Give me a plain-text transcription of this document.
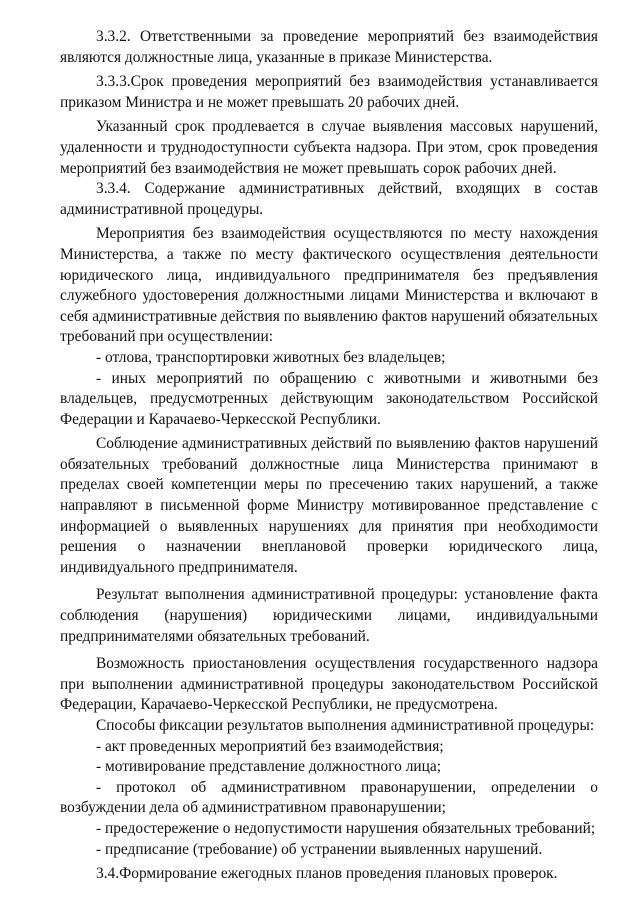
3.3.2. Ответственными за проведение мероприятий без взаимодействия являются должностные лица, указанные в приказе Министерства.

3.3.3.Срок проведения мероприятий без взаимодействия устанавливается приказом Министра и не может превышать 20 рабочих дней.

Указанный срок продлевается в случае выявления массовых нарушений, удаленности и труднодоступности субъекта надзора. При этом, срок проведения мероприятий без взаимодействия не может превышать сорок рабочих дней.

3.3.4. Содержание административных действий, входящих в состав административной процедуры.

Мероприятия без взаимодействия осуществляются по месту нахождения Министерства, а также по месту фактического осуществления деятельности юридического лица, индивидуального предпринимателя без предъявления служебного удостоверения должностными лицами Министерства и включают в себя административные действия по выявлению фактов нарушений обязательных требований при осуществлении:

- отлова, транспортировки животных без владельцев;

- иных мероприятий по обращению с животными и животными без владельцев, предусмотренных действующим законодательством Российской Федерации и Карачаево-Черкесской Республики.

Соблюдение административных действий по выявлению фактов нарушений обязательных требований должностные лица Министерства принимают в пределах своей компетенции меры по пресечению таких нарушений, а также направляют в письменной форме Министру мотивированное представление с информацией о выявленных нарушениях для принятия при необходимости решения о назначении внеплановой проверки юридического лица, индивидуального предпринимателя.

Результат выполнения административной процедуры: установление факта соблюдения (нарушения) юридическими лицами, индивидуальными предпринимателями обязательных требований.

Возможность приостановления осуществления государственного надзора при выполнении административной процедуры законодательством Российской Федерации, Карачаево-Черкесской Республики, не предусмотрена.

Способы фиксации результатов выполнения административной процедуры:

- акт проведенных мероприятий без взаимодействия;

- мотивирование представление должностного лица;

- протокол об административном правонарушении, определении о возбуждении дела об административном правонарушении;

- предостережение о недопустимости нарушения обязательных требований;

- предписание (требование) об устранении выявленных нарушений.

3.4.Формирование ежегодных планов проведения плановых проверок.
